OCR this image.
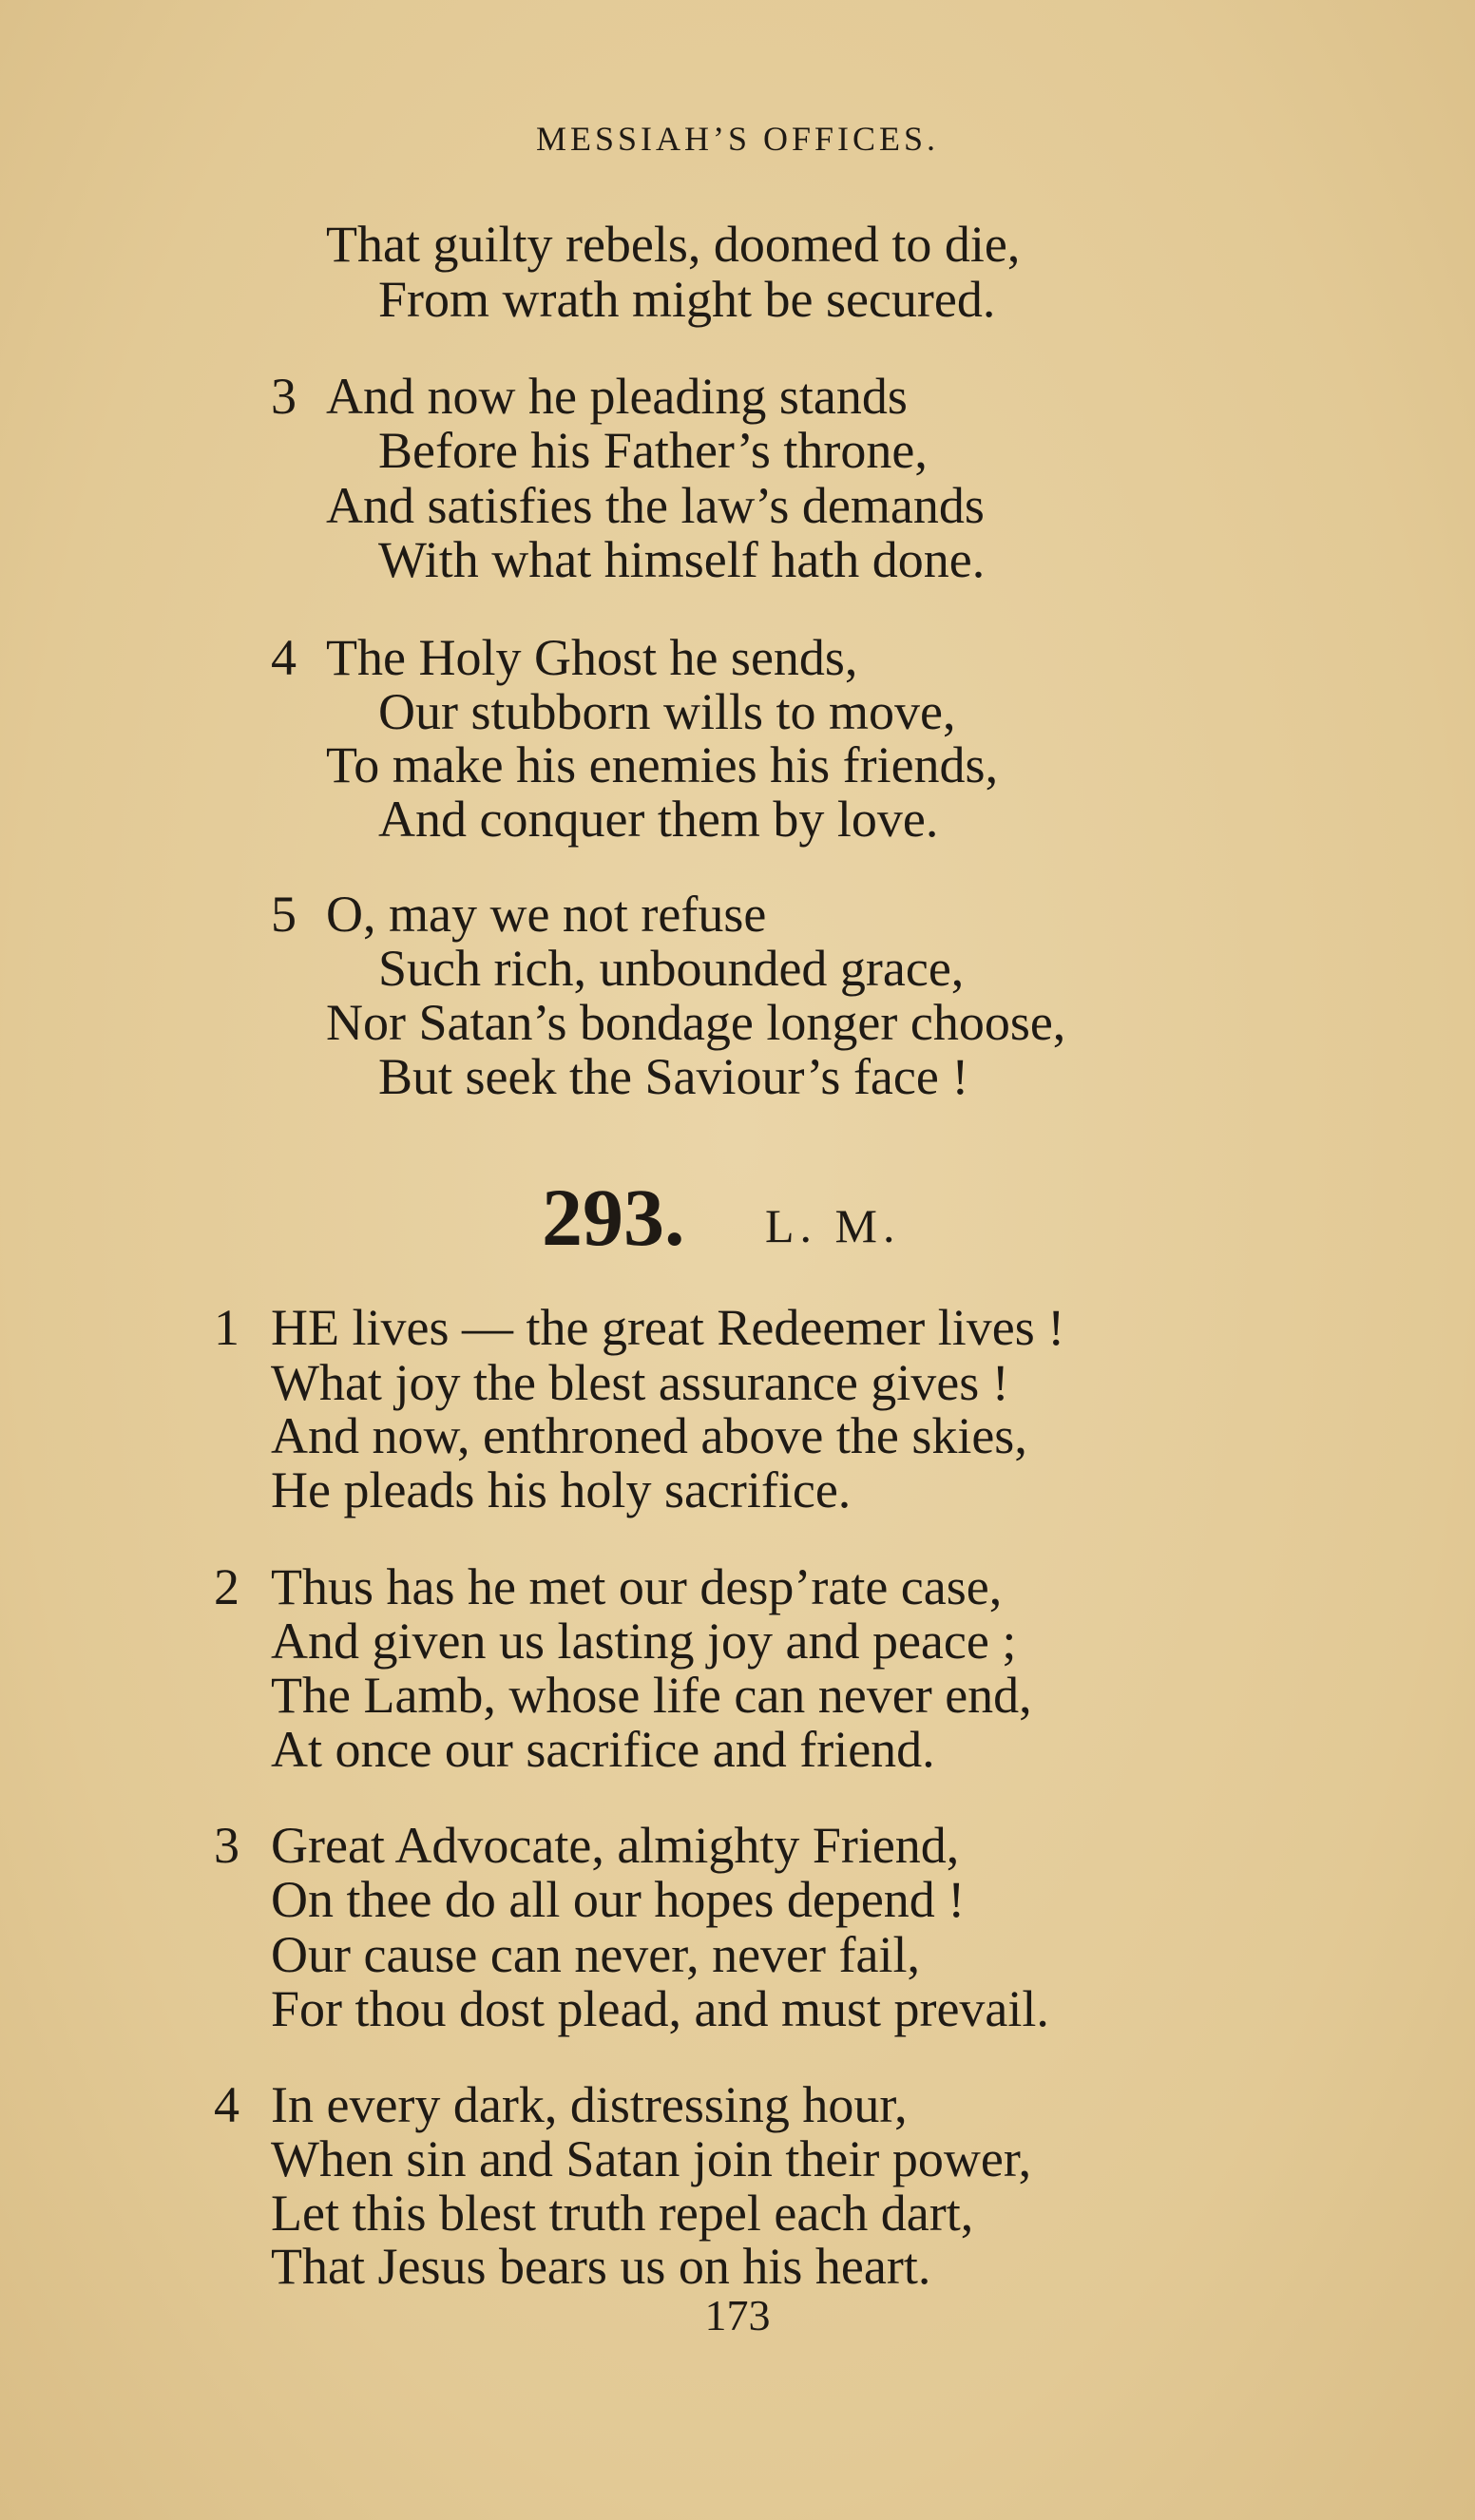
MESSIAH’S OFFICES.
That guilty rebels, doomed to die,
From wrath might be secured.
3 And now he pleading stands
Before his Father’s throne,
And satisfies the law’s demands
With what himself hath done.
4 The Holy Ghost he sends,
Our stubborn wills to move,
To make his enemies his friends,
And conquer them by love.
5 O, may we not refuse
Such rich, unbounded grace,
Nor Satan’s bondage longer choose,
But seek the Saviour’s face !
293. L. M.
1 HE lives — the great Redeemer lives !
What joy the blest assurance gives !
And now, enthroned above the skies,
He pleads his holy sacrifice.
2 Thus has he met our desp’rate case,
And given us lasting joy and peace ;
The Lamb, whose life can never end,
At once our sacrifice and friend.
3 Great Advocate, almighty Friend,
On thee do all our hopes depend !
Our cause can never, never fail,
For thou dost plead, and must prevail.
4 In every dark, distressing hour,
When sin and Satan join their power,
Let this blest truth repel each dart,
That Jesus bears us on his heart.
173
